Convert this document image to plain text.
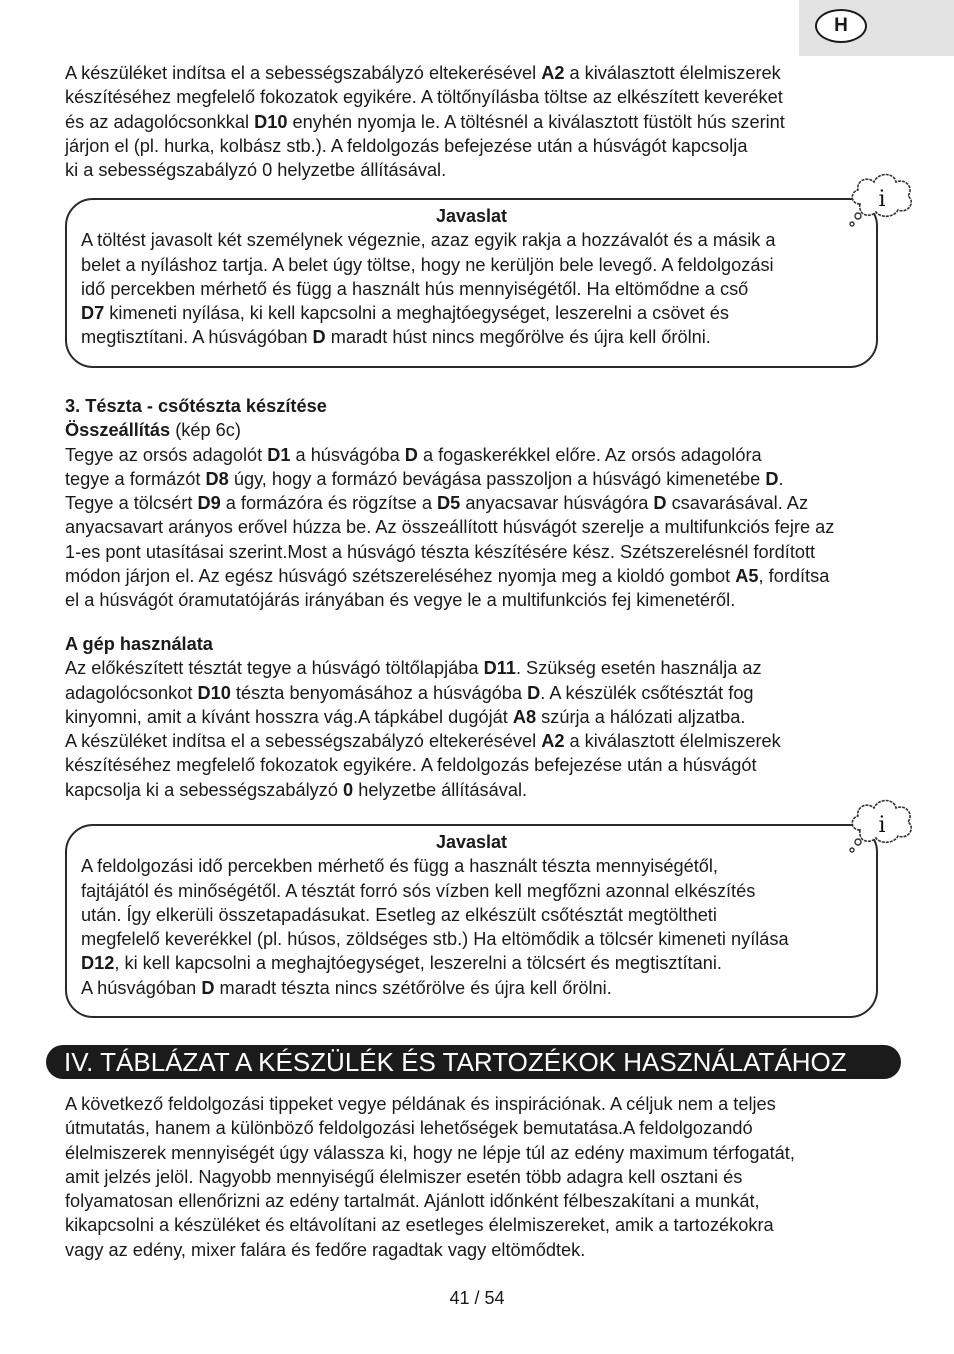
H
A készüléket indítsa el a sebességszabályzó eltekerésével A2 a kiválasztott élelmiszerek
készítéséhez megfelelő fokozatok egyikére. A töltőnyílásba töltse az elkészített keveréket
és az adagolócsonkkal D10 enyhén nyomja le. A töltésnél a kiválasztott füstölt hús szerint
járjon el (pl. hurka, kolbász stb.). A feldolgozás befejezése után a húsvágót kapcsolja
ki a sebességszabályzó 0 helyzetbe állításával.
Javaslat
A töltést javasolt két személynek végeznie, azaz egyik rakja a hozzávalót és a másik a
belet a nyíláshoz tartja. A belet úgy töltse, hogy ne kerüljön bele levegő. A feldolgozási
idő percekben mérhető és függ a használt hús mennyiségétől. Ha eltömődne a cső
D7 kimeneti nyílása, ki kell kapcsolni a meghajtóegységet, leszerelni a csövet és
megtisztítani. A húsvágóban D maradt húst nincs megőrölve és újra kell őrölni.
i
3. Tészta - csőtészta készítése
Összeállítás (kép 6c)
Tegye az orsós adagolót D1 a húsvágóba D a fogaskerékkel előre. Az orsós adagolóra
tegye a formázót D8 úgy, hogy a formázó bevágása passzoljon a húsvágó kimenetébe D.
Tegye a tölcsért D9 a formázóra és rögzítse a D5 anyacsavar húsvágóra D csavarásával. Az
anyacsavart arányos erővel húzza be. Az összeállított húsvágót szerelje a multifunkciós fejre az
1-es pont utasításai szerint.Most a húsvágó tészta készítésére kész. Szétszerelésnél fordított
módon járjon el. Az egész húsvágó szétszereléséhez nyomja meg a kioldó gombot A5, fordítsa
el a húsvágót óramutatójárás irányában és vegye le a multifunkciós fej kimenetéről.
A gép használata
Az előkészített tésztát tegye a húsvágó töltőlapjába D11. Szükség esetén használja az
adagolócsonkot D10 tészta benyomásához a húsvágóba D. A készülék csőtésztát fog
kinyomni, amit a kívánt hosszra vág.A tápkábel dugóját A8 szúrja a hálózati aljzatba.
A készüléket indítsa el a sebességszabályzó eltekerésével A2 a kiválasztott élelmiszerek
készítéséhez megfelelő fokozatok egyikére. A feldolgozás befejezése után a húsvágót
kapcsolja ki a sebességszabályzó 0 helyzetbe állításával.
Javaslat
A feldolgozási idő percekben mérhető és függ a használt tészta mennyiségétől,
fajtájától és minőségétől. A tésztát forró sós vízben kell megfőzni azonnal elkészítés
után. Így elkerüli összetapadásukat. Esetleg az elkészült csőtésztát megtöltheti
megfelelő keverékkel (pl. húsos, zöldséges stb.) Ha eltömődik a tölcsér kimeneti nyílása
D12, ki kell kapcsolni a meghajtóegységet, leszerelni a tölcsért és megtisztítani.
A húsvágóban D maradt tészta nincs szétőrölve és újra kell őrölni.
i
IV. TÁBLÁZAT A KÉSZÜLÉK ÉS TARTOZÉKOK HASZNÁLATÁHOZ
A következő feldolgozási tippeket vegye példának és inspirációnak. A céljuk nem a teljes
útmutatás, hanem a különböző feldolgozási lehetőségek bemutatása.A feldolgozandó
élelmiszerek mennyiségét úgy válassza ki, hogy ne lépje túl az edény maximum térfogatát,
amit jelzés jelöl. Nagyobb mennyiségű élelmiszer esetén több adagra kell osztani és
folyamatosan ellenőrizni az edény tartalmát. Ajánlott időnként félbeszakítani a munkát,
kikapcsolni a készüléket és eltávolítani az esetleges élelmiszereket, amik a tartozékokra
vagy az edény, mixer falára és fedőre ragadtak vagy eltömődtek.
41 / 54
